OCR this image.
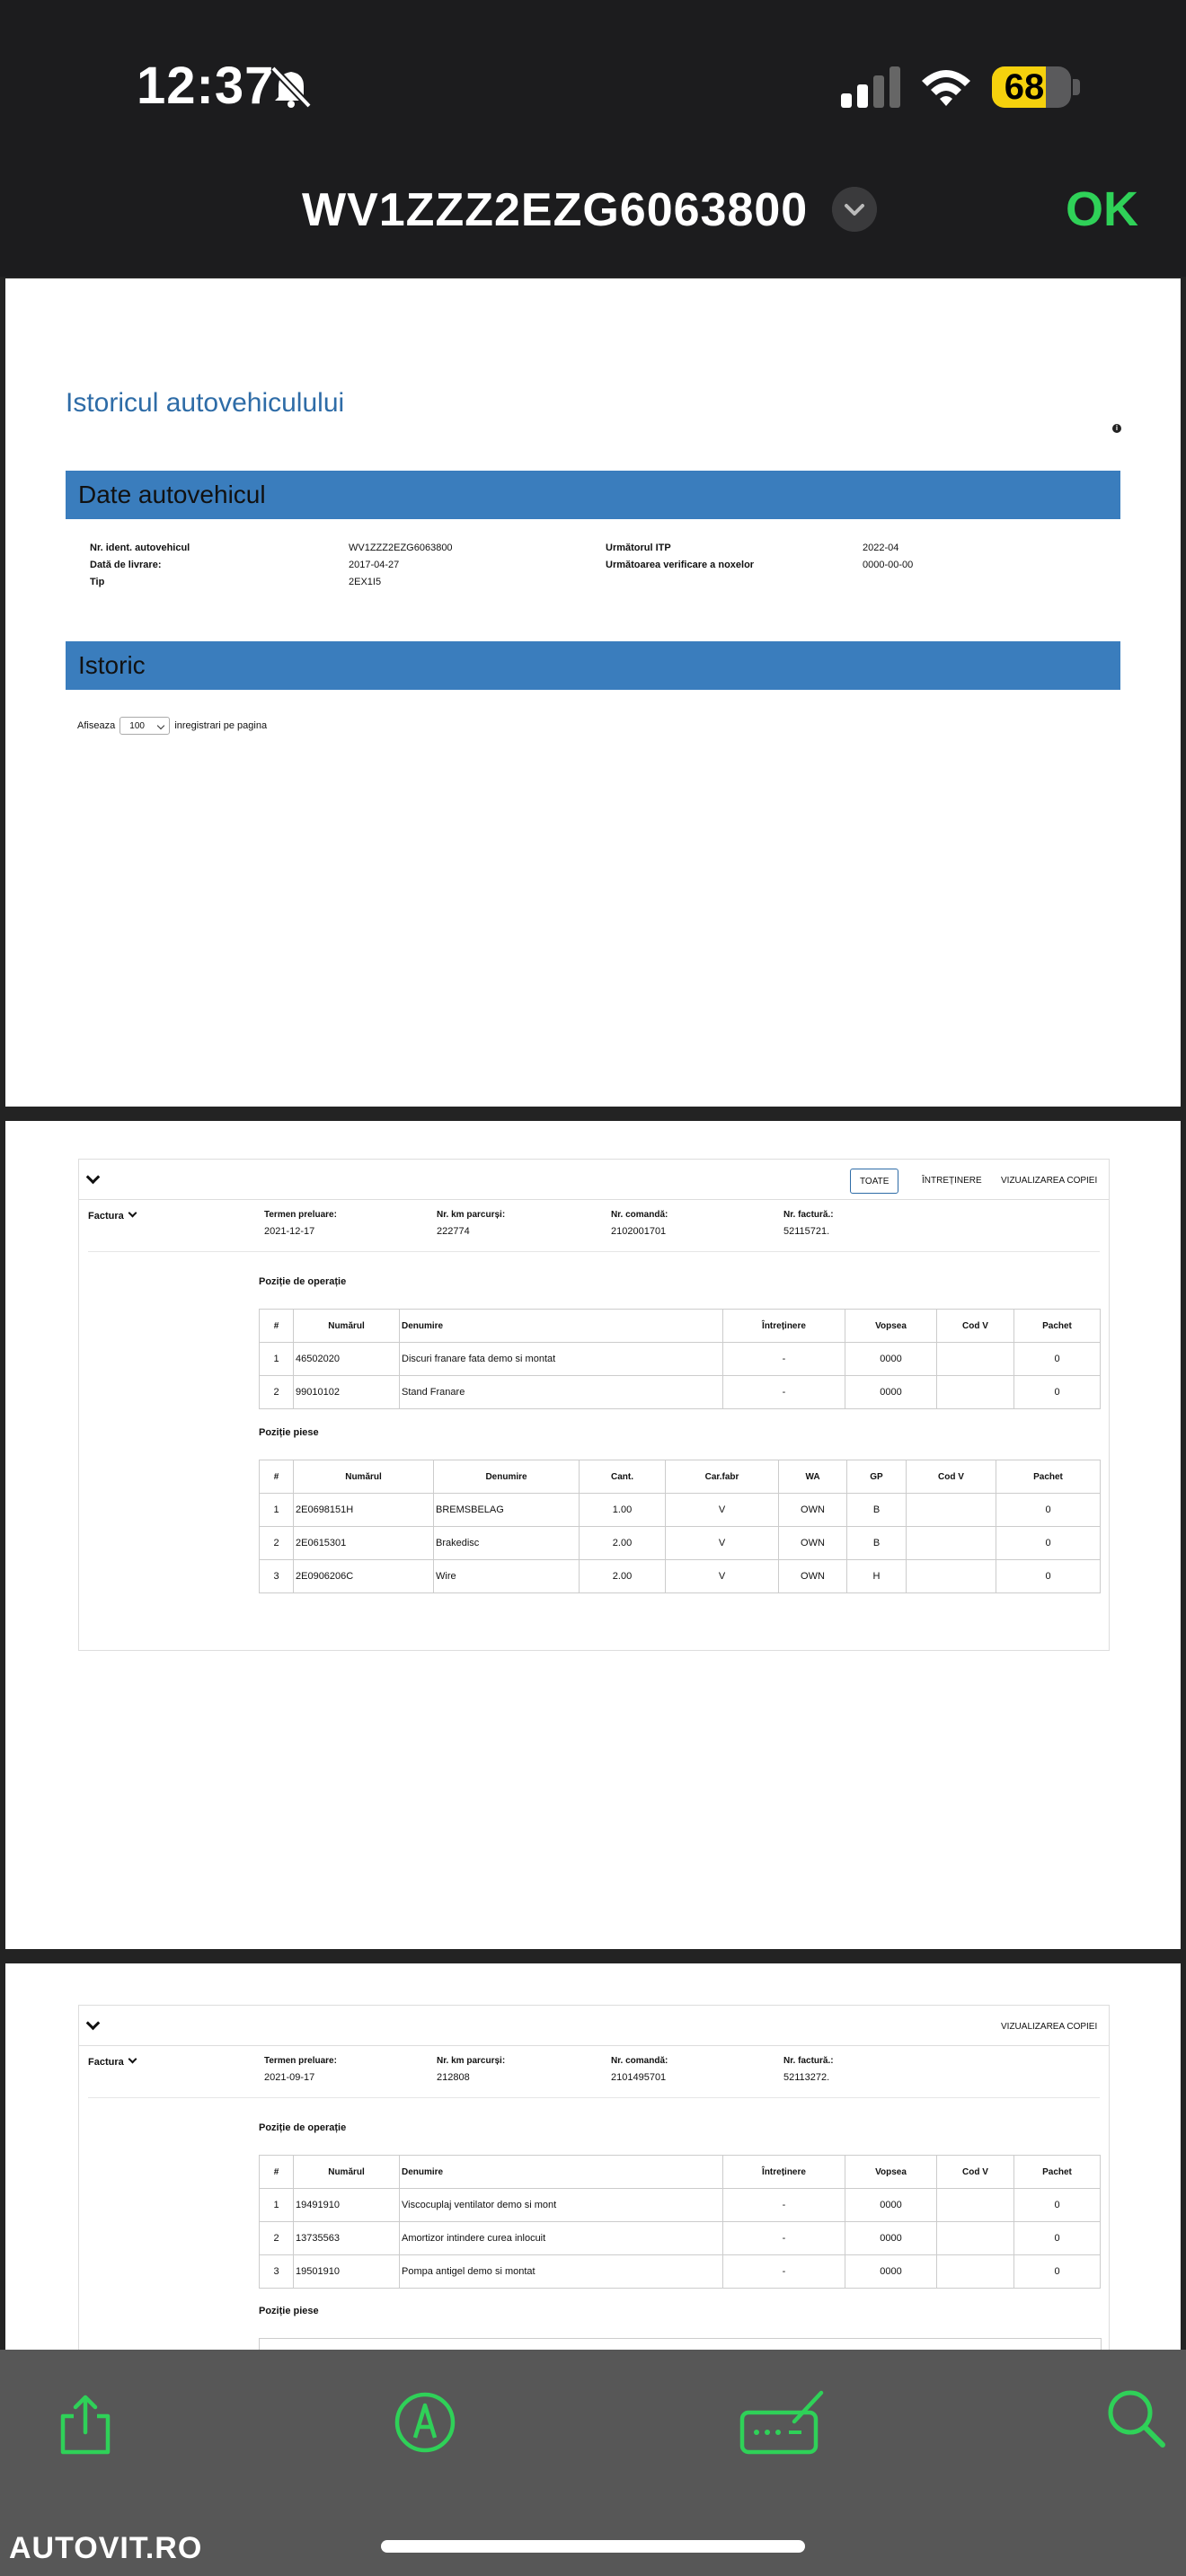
12:37	68
WV1ZZZ2EZG6063800	OK
Istoricul autovehiculului
i
Date autovehicul
Nr. ident. autovehicul	WV1ZZZ2EZG6063800
Dată de livrare:	2017-04-27
Tip	2EX1I5
Următorul ITP	2022-04
Următoarea verificare a noxelor	0000-00-00
Istoric
Afiseaza 100	inregistrari pe pagina
TOATE	ÎNTREȚINERE	VIZUALIZAREA COPIEI
Factura	Termen preluare:
2021-12-17
Nr. km parcurși:
222774
Nr. comandă:
2102001701
Nr. factură.:
52115721.
Poziție de operație
#	Numărul	Denumire	Întreținere	Vopsea	Cod V	Pachet
1	46502020	Discuri franare fata demo si montat	-	0000		0
2	99010102	Stand Franare	-	0000		0
Poziție piese
#	Numărul	Denumire	Cant.	Car.fabr	WA	GP	Cod V	Pachet
1	2E0698151H	BREMSBELAG	1.00	V	OWN	B		0
2	2E0615301	Brakedisc	2.00	V	OWN	B		0
3	2E0906206C	Wire	2.00	V	OWN	H		0
VIZUALIZAREA COPIEI
Factura	Termen preluare:
2021-09-17
Nr. km parcurși:
212808
Nr. comandă:
2101495701
Nr. factură.:
52113272.
Poziție de operație
#	Numărul	Denumire	Întreținere	Vopsea	Cod V	Pachet
1	19491910	Viscocuplaj ventilator demo si mont	-	0000		0
2	13735563	Amortizor intindere curea inlocuit	-	0000		0
3	19501910	Pompa antigel demo si montat	-	0000		0
Poziție piese
AUTOVIT.RO
